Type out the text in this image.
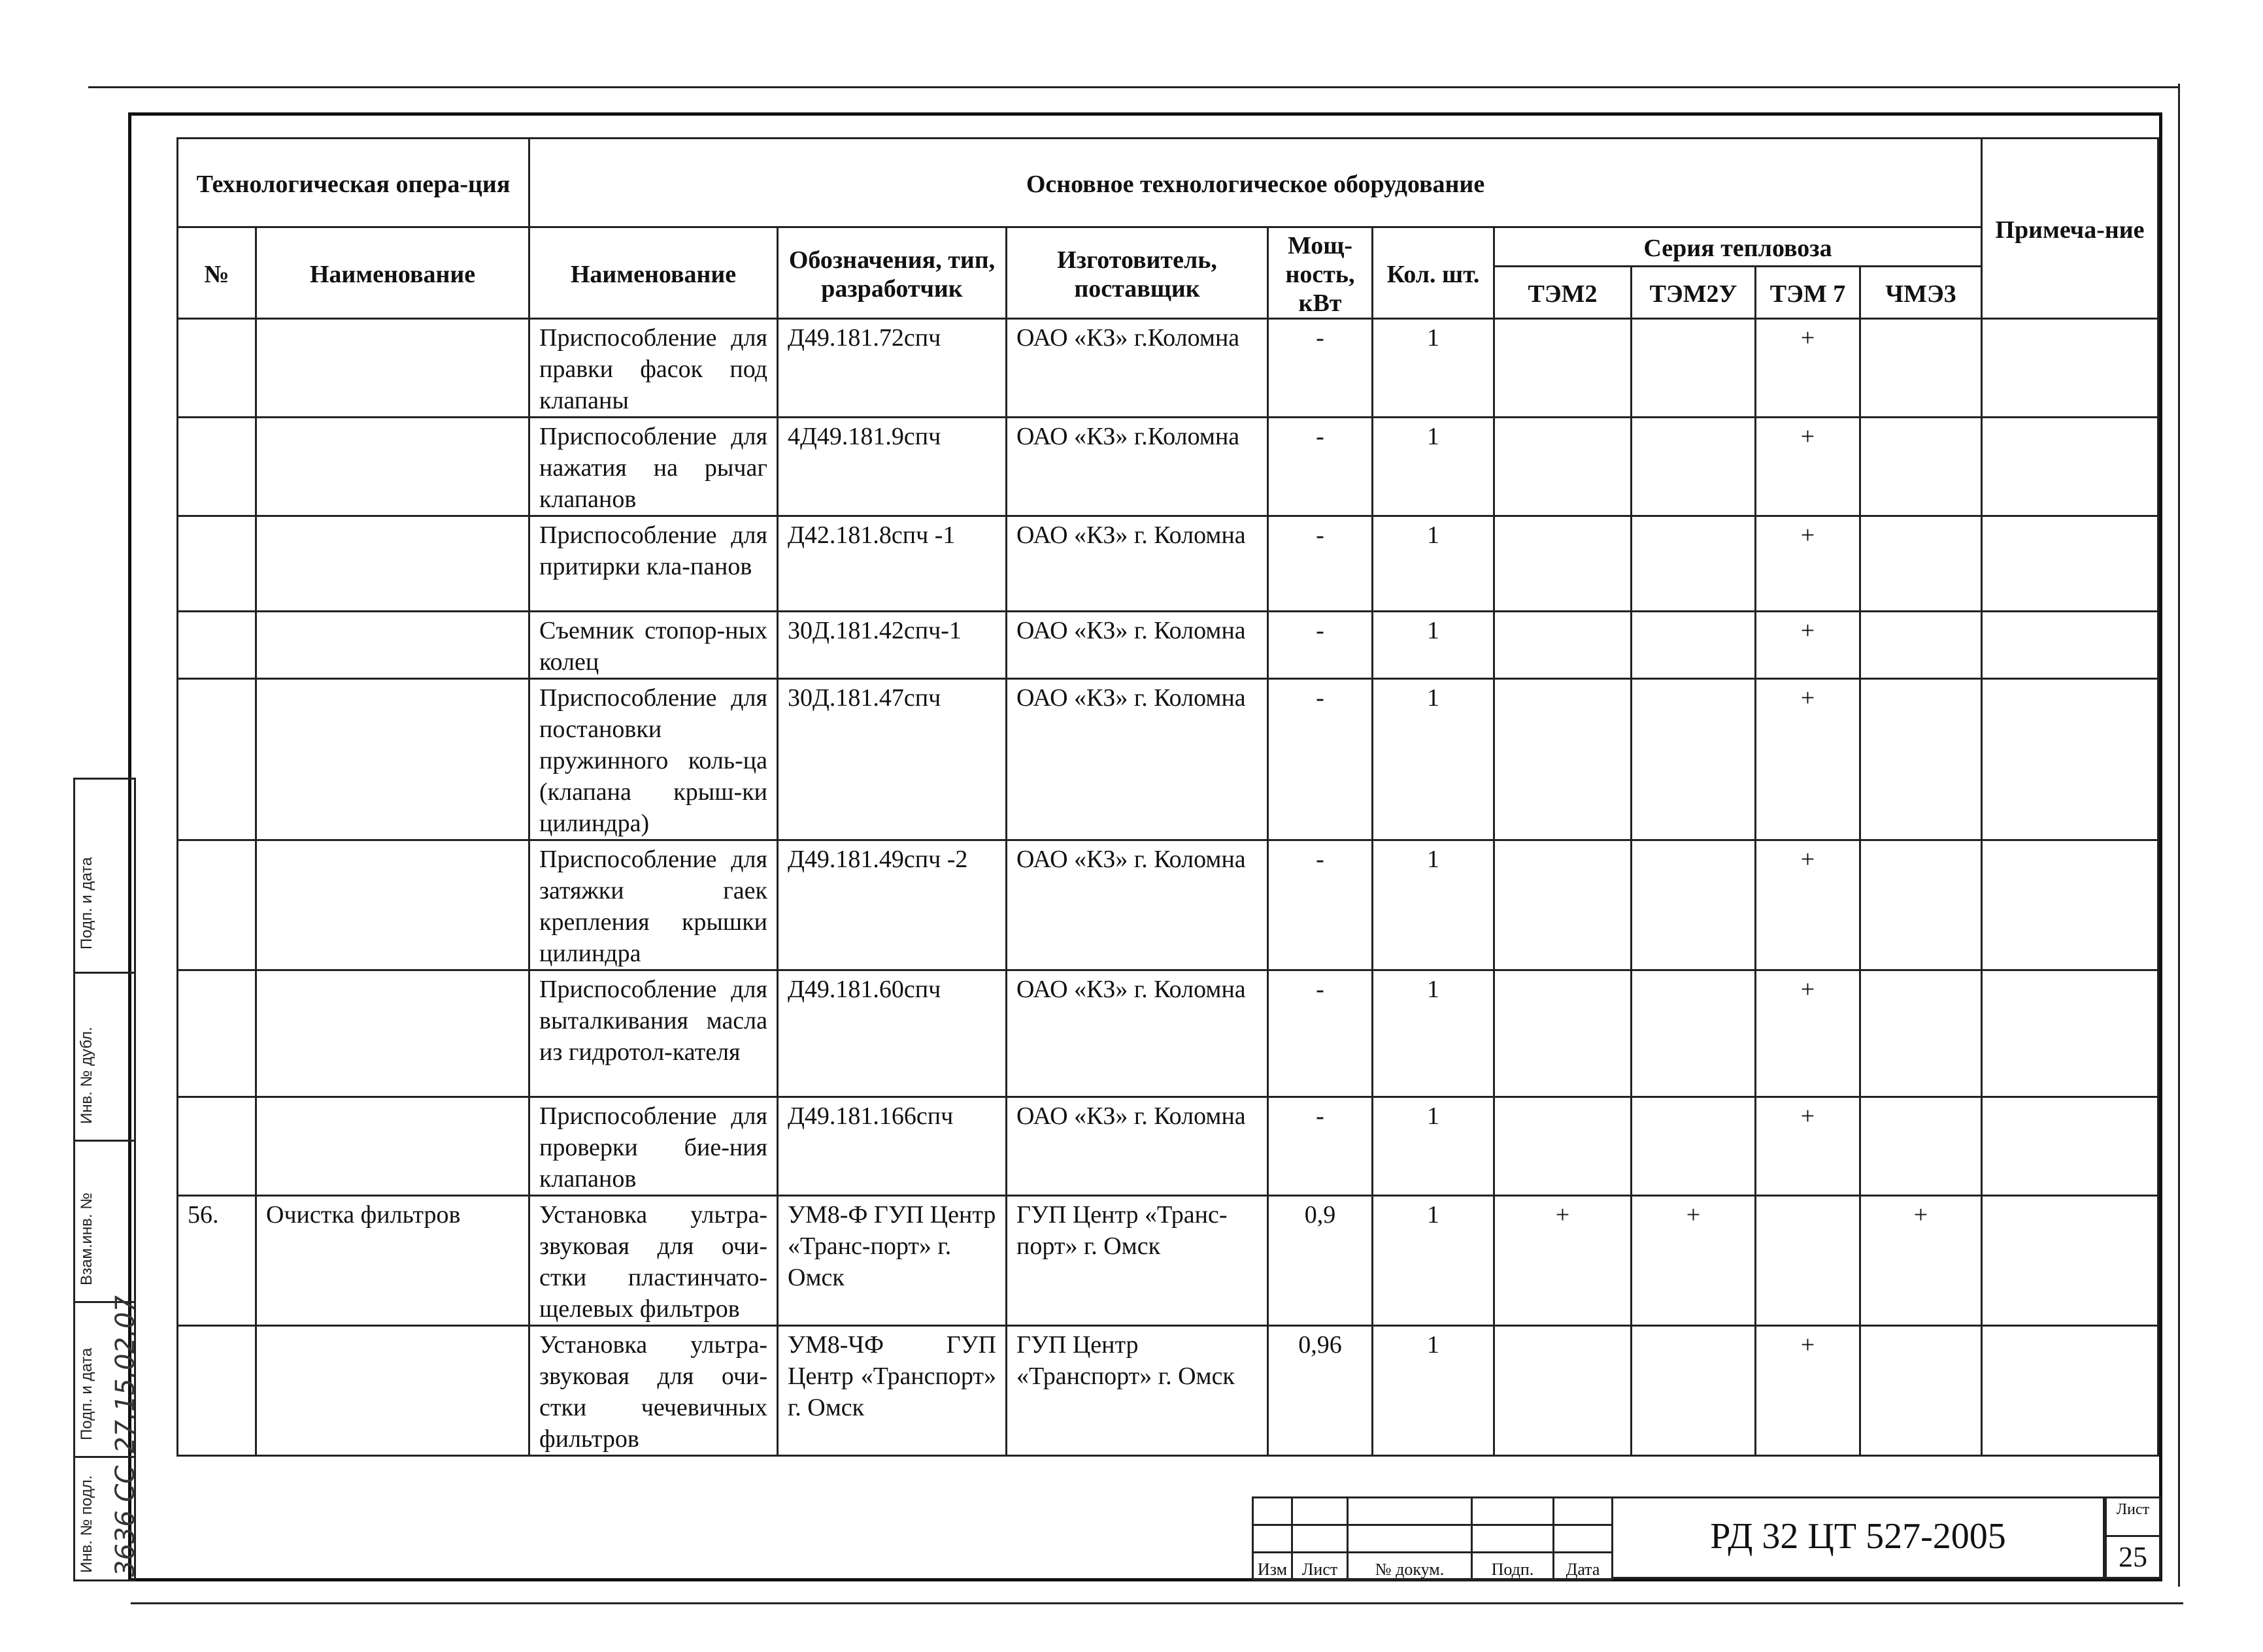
Технологическая опера-ция		Основное технологическое оборудование									Примеча-ние
№	Наименование	Наименование	Обозначения, тип, разработчик	Изготовитель, поставщик	Мощ-ность, кВт	Кол. шт.	Серия тепловоза				
							ТЭМ2	ТЭМ2У	ТЭМ 7	ЧМЭ3	
		Приспособление для правки фасок под клапаны	Д49.181.72спч	ОАО «КЗ» г.Коломна	-	1			+		
		Приспособление для нажатия на рычаг клапанов	4Д49.181.9спч	ОАО «КЗ» г.Коломна	-	1			+		
		Приспособление для притирки кла-панов	Д42.181.8спч -1	ОАО «КЗ» г. Коломна	-	1			+		
		Съемник стопор-ных колец	30Д.181.42спч-1	ОАО «КЗ» г. Коломна	-	1			+		
		Приспособление для постановки пружинного коль-ца (клапана крыш-ки цилиндра)	30Д.181.47спч	ОАО «КЗ» г. Коломна	-	1			+		
		Приспособление для затяжки гаек крепления крышки цилиндра	Д49.181.49спч -2	ОАО «КЗ» г. Коломна	-	1			+		
		Приспособление для выталкивания масла из гидротол-кателя	Д49.181.60спч	ОАО «КЗ» г. Коломна	-	1			+		
		Приспособление для проверки бие-ния клапанов	Д49.181.166спч	ОАО «КЗ» г. Коломна	-	1			+		
56.	Очистка фильтров	Установка ультра-звуковая для очи-стки пластинчато-щелевых фильтров	УМ8-Ф ГУП Центр «Транс-порт» г. Омск	ГУП Центр «Транс-порт» г. Омск	0,9	1	+	+		+	
		Установка ультра-звуковая для очи-стки чечевичных фильтров	УМ8-ЧФ ГУП Центр «Транспорт» г. Омск	ГУП Центр «Транспорт» г. Омск	0,96	1			+		
Подп. и дата
Инв. № дубл.
Взам.инв. №
Подп. и дата 27.15.02.07
Инв. № подл. 3636 CC

					Изм	Лист	№ докум.	Подп.	Дата
РД 32 ЦТ 527-2005
Лист
25
